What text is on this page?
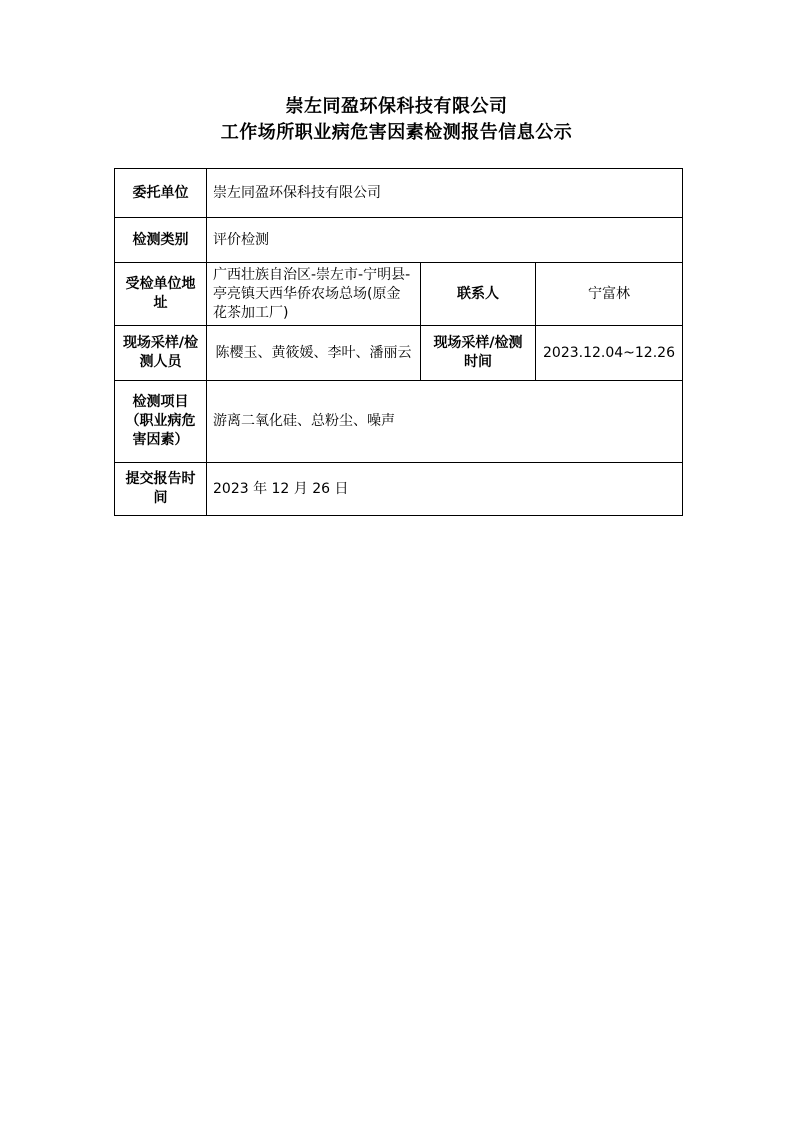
崇左同盈环保科技有限公司
工作场所职业病危害因素检测报告信息公示
委托单位	崇左同盈环保科技有限公司		
检测类别	评价检测		
受检单位地址	广西壮族自治区-崇左市-宁明县-亭亮镇天西华侨农场总场(原金花茶加工厂)	联系人	宁富林
现场采样/检测人员	陈樱玉、黄筱媛、李叶、潘丽云	现场采样/检测时间	2023.12.04~12.26
检测项目（职业病危害因素）	游离二氧化硅、总粉尘、噪声		
提交报告时间	2023 年 12 月 26 日		
